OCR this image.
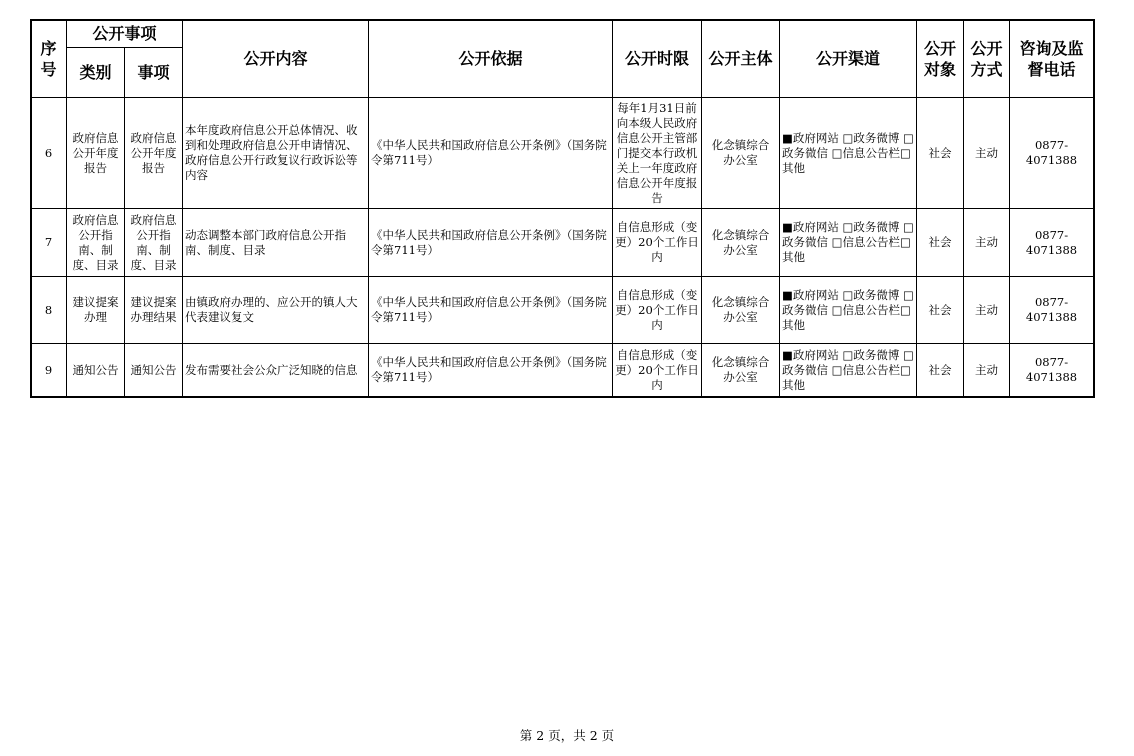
序号	公开事项		公开内容	公开依据	公开时限	公开主体	公开渠道	公开对象	公开方式	咨询及监督电话
	类别	事项								
6	政府信息公开年度报告	政府信息公开年度报告	本年度政府信息公开总体情况、收到和处理政府信息公开申请情况、政府信息公开行政复议行政诉讼等内容	《中华人民共和国政府信息公开条例》（国务院令第711号）	每年1月31日前向本级人民政府信息公开主管部门提交本行政机关上一年度政府信息公开年度报告	化念镇综合办公室	■政府网站 □政务微博 □政务微信 □信息公告栏□其他	社会	主动	0877-4071388
7	政府信息公开指南、制度、目录	政府信息公开指南、制度、目录	动态调整本部门政府信息公开指南、制度、目录	《中华人民共和国政府信息公开条例》（国务院令第711号）	自信息形成（变更）20个工作日内	化念镇综合办公室	■政府网站 □政务微博 □政务微信 □信息公告栏□其他	社会	主动	0877-4071388
8	建议提案办理	建议提案办理结果	由镇政府办理的、应公开的镇人大代表建议复文	《中华人民共和国政府信息公开条例》（国务院令第711号）	自信息形成（变更）20个工作日内	化念镇综合办公室	■政府网站 □政务微博 □政务微信 □信息公告栏□其他	社会	主动	0877-4071388
9	通知公告	通知公告	发布需要社会公众广泛知晓的信息	《中华人民共和国政府信息公开条例》（国务院令第711号）	自信息形成（变更）20个工作日内	化念镇综合办公室	■政府网站 □政务微博 □政务微信 □信息公告栏□其他	社会	主动	0877-4071388
第 2 页，共 2 页
